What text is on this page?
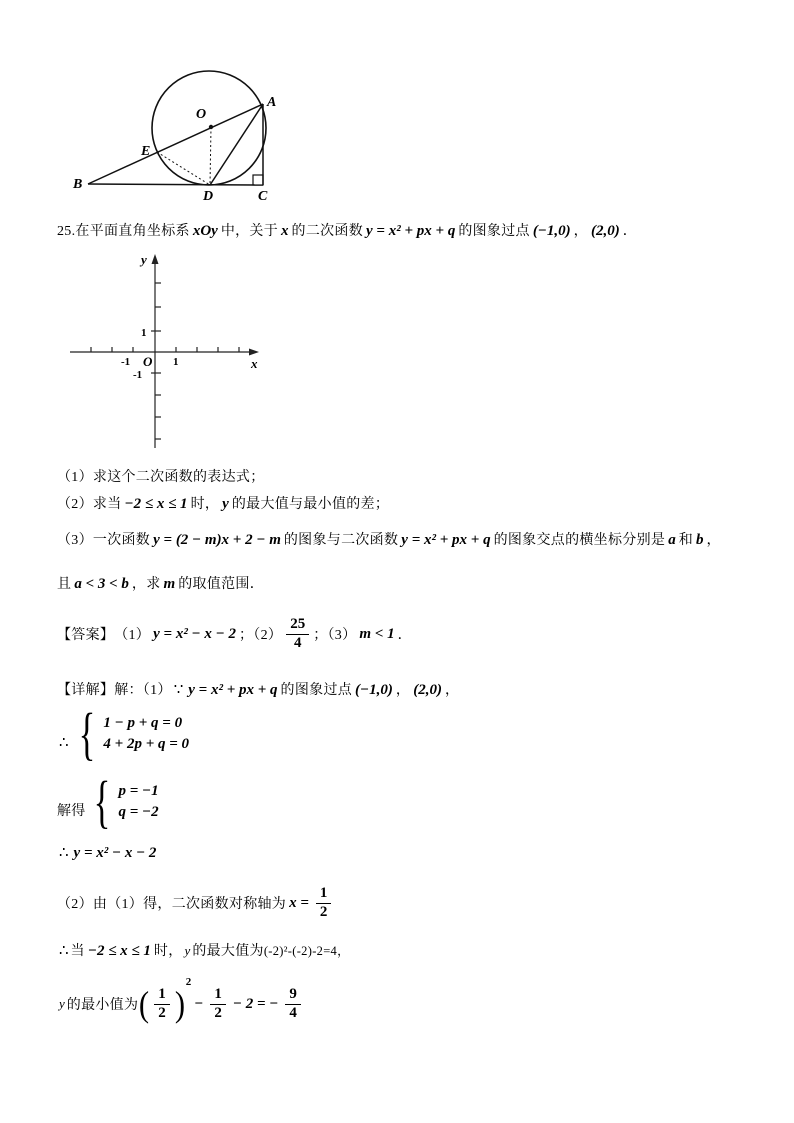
A
B
C
D
E
O
25.在平面直角坐标系 xOy 中，关于 x 的二次函数 y = x² + px + q 的图象过点 (−1,0) ， (2,0) ．
y
x
O
-1	1
1
-1
（1）求这个二次函数的表达式；
（2）求当 −2 ≤ x ≤ 1 时， y 的最大值与最小值的差；
（3）一次函数 y = (2 − m)x + 2 − m 的图象与二次函数 y = x² + px + q 的图象交点的横坐标分别是 a 和 b ，
且 a < 3 < b ，求 m 的取值范围．
【答案】 （1） y = x² − x − 2 ；$(2) \frac{25}{4}$ ；（3） m < 1 ．
【详解】解：（1） ∵ y = x² + px + q 的图象过点 (−1,0) ， (2,0) ，
∴ { 1 − p + q = 0
4 + 2p + q = 0
解得 { p = −1
q = −2
∴ y = x² − x − 2
（2）由（1）得，二次函数对称轴为 $x = \frac{1}{2}$
∴ 当 −2 ≤ x ≤ 1 时， y 的最大值为(-2)²-(-2)-2=4，
y 的最小值为 ( $\frac{1}{2}$ )
2
− $\frac{1}{2} - 2$ = − $\frac{9}{4}$
